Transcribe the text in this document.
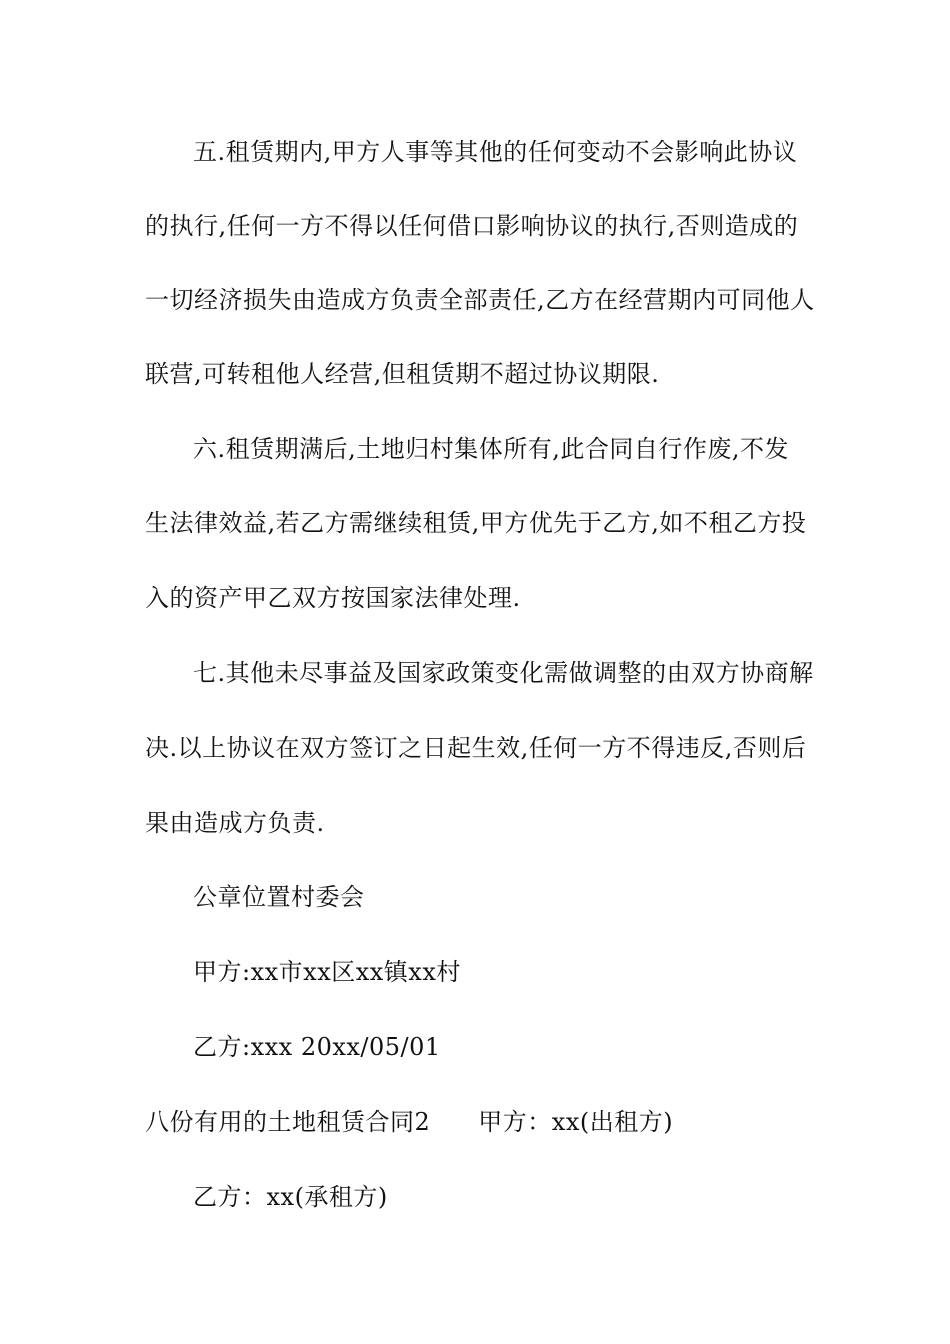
五.租赁期内,甲方人事等其他的任何变动不会影响此协议
的执行,任何一方不得以任何借口影响协议的执行,否则造成的
一切经济损失由造成方负责全部责任,乙方在经营期内可同他人
联营,可转租他人经营,但租赁期不超过协议期限.
六.租赁期满后,土地归村集体所有,此合同自行作废,不发
生法律效益,若乙方需继续租赁,甲方优先于乙方,如不租乙方投
入的资产甲乙双方按国家法律处理.
七.其他未尽事益及国家政策变化需做调整的由双方协商解
决.以上协议在双方签订之日起生效,任何一方不得违反,否则后
果由造成方负责.
公章位置村委会
甲方:xx市xx区xx镇xx村
乙方:xxx 20xx/05/01
八份有用的土地租赁合同2 甲方：xx(出租方)
乙方：xx(承租方)
